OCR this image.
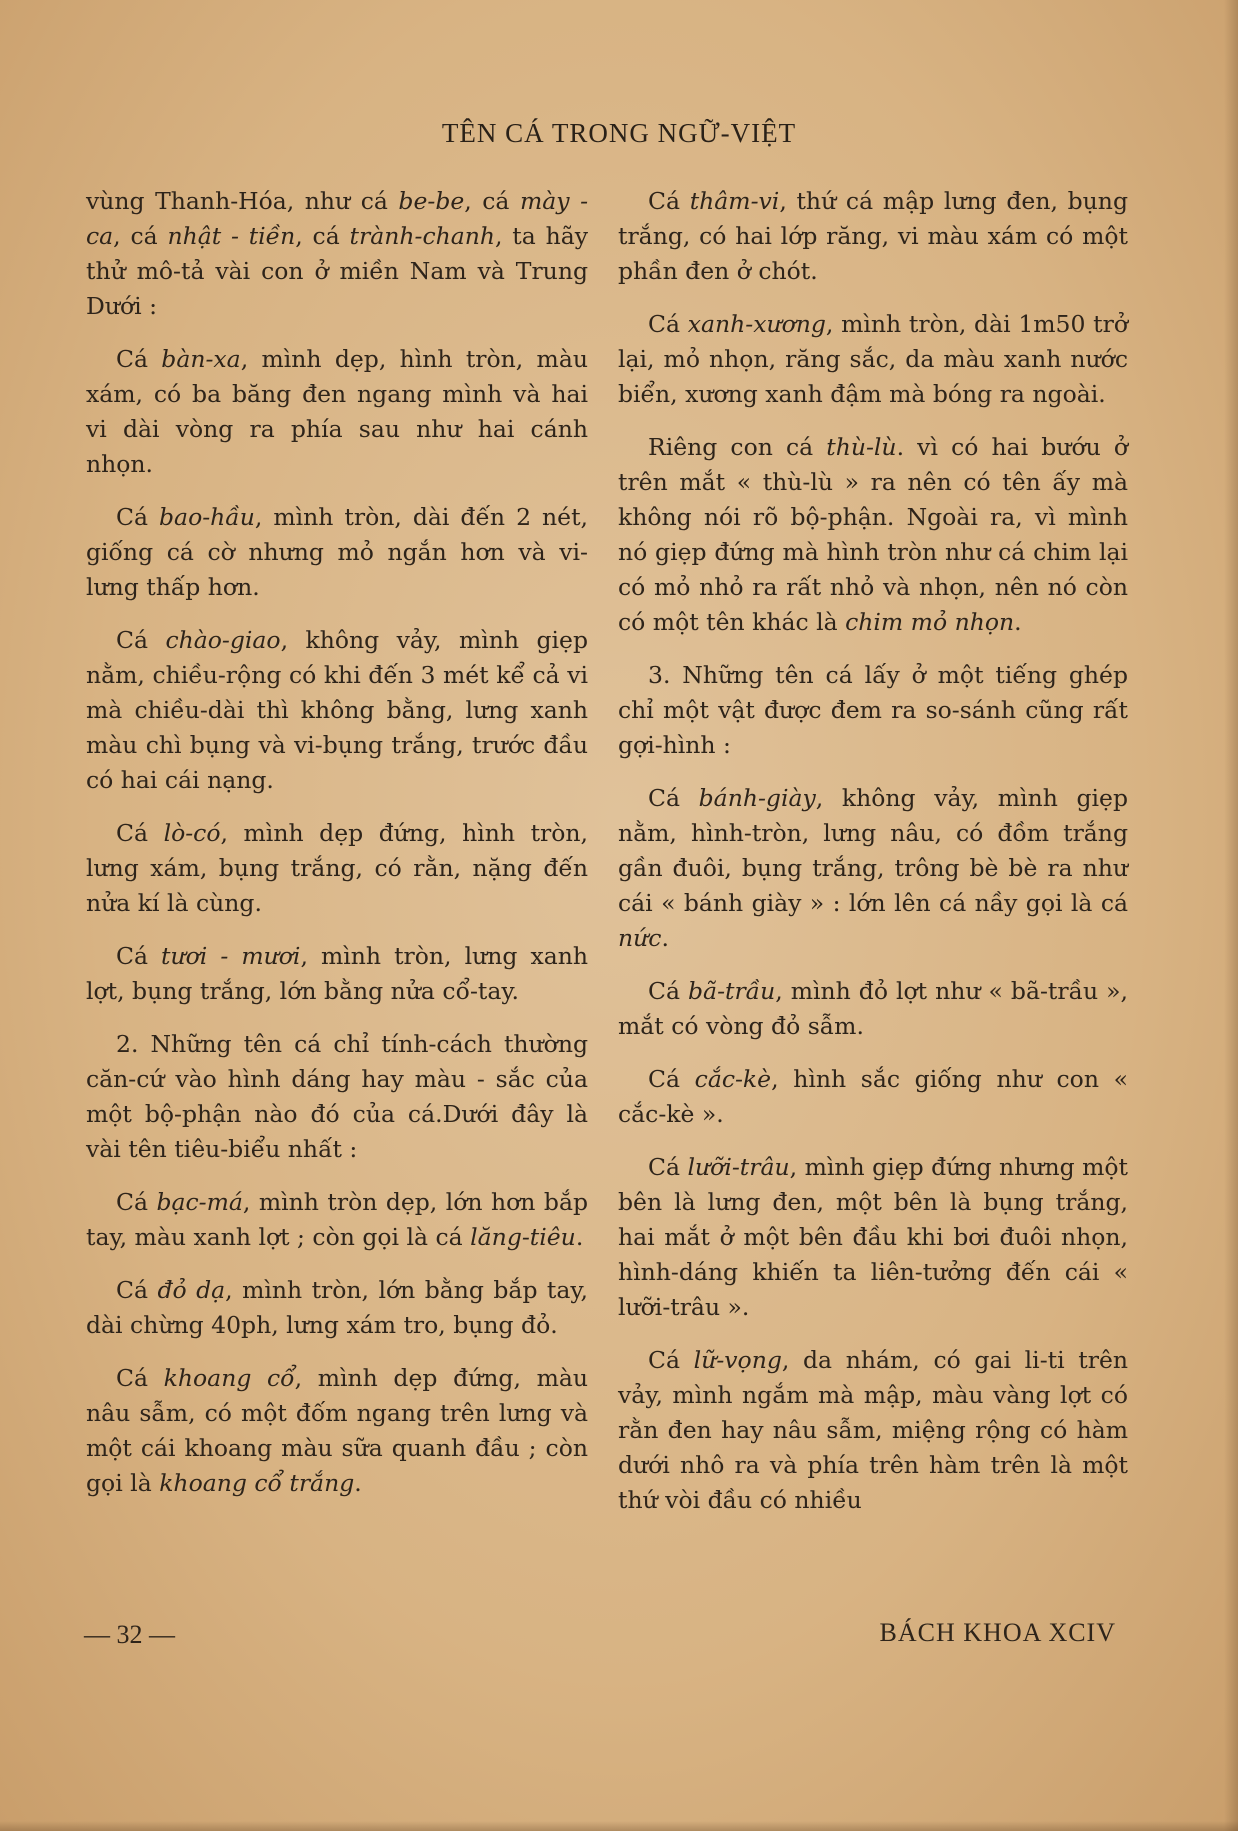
TÊN CÁ TRONG NGỮ-VIỆT

vùng Thanh-Hóa, như cá be-be, cá mày - ca, cá nhật - tiền, cá trành-chanh, ta hãy thử mô-tả vài con ở miền Nam và Trung Dưới :

Cá bàn-xa, mình dẹp, hình tròn, màu xám, có ba băng đen ngang mình và hai vi dài vòng ra phía sau như hai cánh nhọn.

Cá bao-hầu, mình tròn, dài đến 2 nét, giống cá cờ nhưng mỏ ngắn hơn và vi-lưng thấp hơn.

Cá chào-giao, không vảy, mình giẹp nằm, chiều-rộng có khi đến 3 mét kể cả vi mà chiều-dài thì không bằng, lưng xanh màu chì bụng và vi-bụng trắng, trước đầu có hai cái nạng.

Cá lò-có, mình dẹp đứng, hình tròn, lưng xám, bụng trắng, có rằn, nặng đến nửa kí là cùng.

Cá tươi - mươi, mình tròn, lưng xanh lợt, bụng trắng, lớn bằng nửa cổ-tay.

2. Những tên cá chỉ tính-cách thường căn-cứ vào hình dáng hay màu - sắc của một bộ-phận nào đó của cá.Dưới đây là vài tên tiêu-biểu nhất :

Cá bạc-má, mình tròn dẹp, lớn hơn bắp tay, màu xanh lợt ; còn gọi là cá lăng-tiêu.

Cá đỏ dạ, mình tròn, lớn bằng bắp tay, dài chừng 40ph, lưng xám tro, bụng đỏ.

Cá khoang cổ, mình dẹp đứng, màu nâu sẫm, có một đốm ngang trên lưng và một cái khoang màu sữa quanh đầu ; còn gọi là khoang cổ trắng.

Cá thâm-vi, thứ cá mập lưng đen, bụng trắng, có hai lớp răng, vi màu xám có một phần đen ở chót.

Cá xanh-xương, mình tròn, dài 1m50 trở lại, mỏ nhọn, răng sắc, da màu xanh nước biển, xương xanh đậm mà bóng ra ngoài.

Riêng con cá thù-lù. vì có hai bướu ở trên mắt « thù-lù » ra nên có tên ấy mà không nói rõ bộ-phận. Ngoài ra, vì mình nó giẹp đứng mà hình tròn như cá chim lại có mỏ nhỏ ra rất nhỏ và nhọn, nên nó còn có một tên khác là chim mỏ nhọn.

3. Những tên cá lấy ở một tiếng ghép chỉ một vật được đem ra so-sánh cũng rất gợi-hình :

Cá bánh-giày, không vảy, mình giẹp nằm, hình-tròn, lưng nâu, có đồm trắng gần đuôi, bụng trắng, trông bè bè ra như cái « bánh giày » : lớn lên cá nầy gọi là cá nức.

Cá bã-trầu, mình đỏ lợt như « bã-trầu », mắt có vòng đỏ sẫm.

Cá cắc-kè, hình sắc giống như con « cắc-kè ».

Cá lưỡi-trâu, mình giẹp đứng nhưng một bên là lưng đen, một bên là bụng trắng, hai mắt ở một bên đầu khi bơi đuôi nhọn, hình-dáng khiến ta liên-tưởng đến cái « lưỡi-trâu ».

Cá lữ-vọng, da nhám, có gai li-ti trên vảy, mình ngắm mà mập, màu vàng lợt có rằn đen hay nâu sẫm, miệng rộng có hàm dưới nhô ra và phía trên hàm trên là một thứ vòi đầu có nhiều

— 32 —	BÁCH KHOA XCIV
